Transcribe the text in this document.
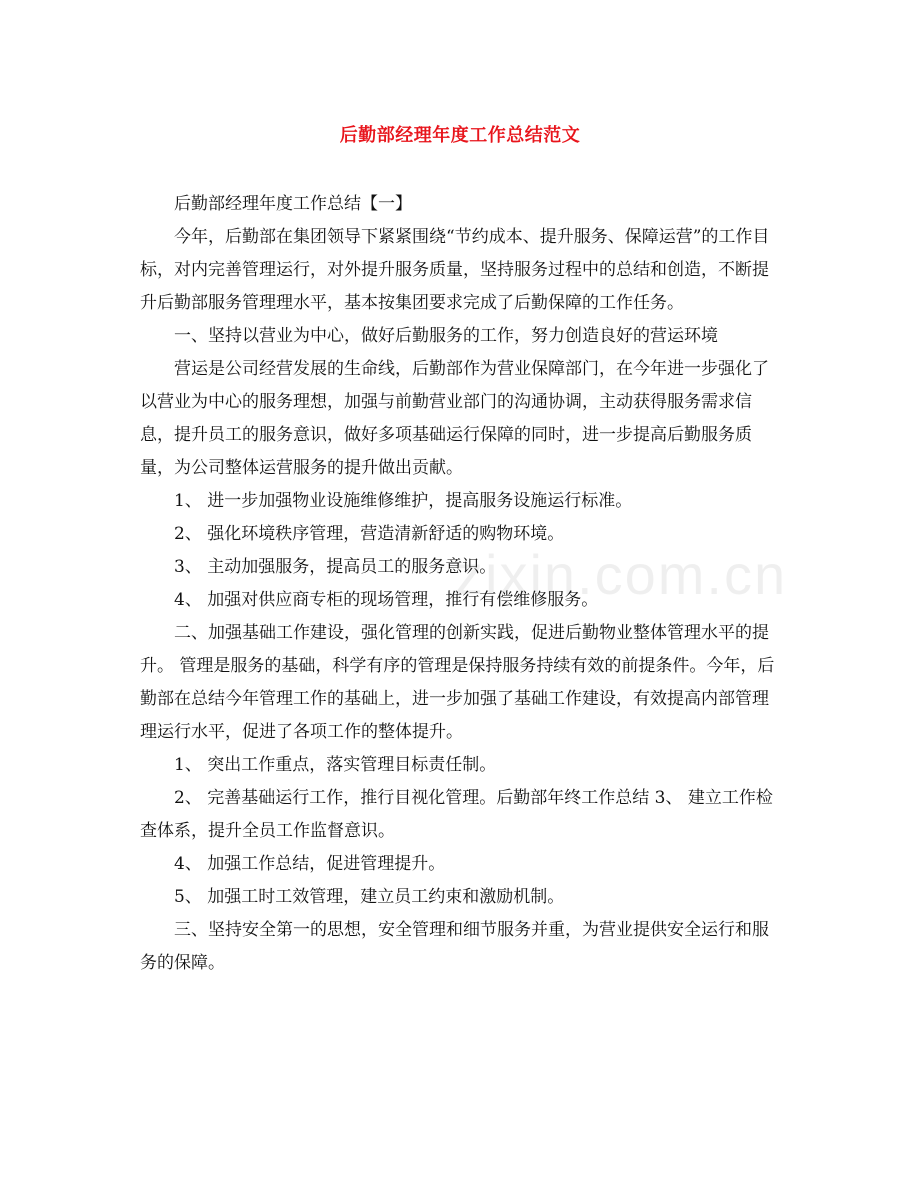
后勤部经理年度工作总结范文
zixin.com.cn

后勤部经理年度工作总结【一】

今年，后勤部在集团领导下紧紧围绕“节约成本、提升服务、保障运营”的工作目标，对内完善管理运行，对外提升服务质量，坚持服务过程中的总结和创造，不断提升后勤部服务管理理水平，基本按集团要求完成了后勤保障的工作任务。

一、坚持以营业为中心，做好后勤服务的工作，努力创造良好的营运环境

营运是公司经营发展的生命线，后勤部作为营业保障部门，在今年进一步强化了以营业为中心的服务理想，加强与前勤营业部门的沟通协调，主动获得服务需求信息，提升员工的服务意识，做好多项基础运行保障的同时，进一步提高后勤服务质量，为公司整体运营服务的提升做出贡献。

1、 进一步加强物业设施维修维护，提高服务设施运行标准。

2、 强化环境秩序管理，营造清新舒适的购物环境。

3、 主动加强服务，提高员工的服务意识。

4、 加强对供应商专柜的现场管理，推行有偿维修服务。

二、加强基础工作建设，强化管理的创新实践，促进后勤物业整体管理水平的提升。 管理是服务的基础，科学有序的管理是保持服务持续有效的前提条件。今年，后勤部在总结今年管理工作的基础上，进一步加强了基础工作建设，有效提高内部管理理运行水平，促进了各项工作的整体提升。

1、 突出工作重点，落实管理目标责任制。

2、 完善基础运行工作，推行目视化管理。后勤部年终工作总结 3、 建立工作检查体系，提升全员工作监督意识。

4、 加强工作总结，促进管理提升。

5、 加强工时工效管理，建立员工约束和激励机制。

三、坚持安全第一的思想，安全管理和细节服务并重，为营业提供安全运行和服务的保障。
